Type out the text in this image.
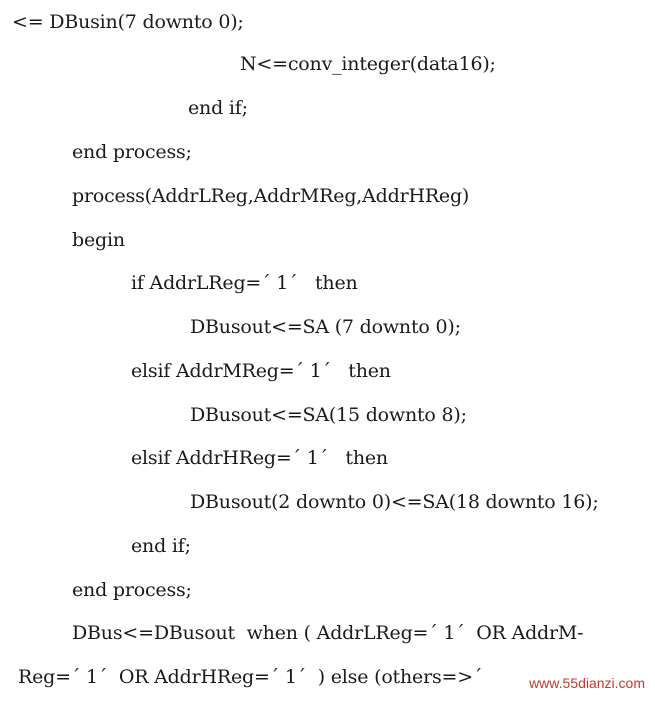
<= DBusin(7 downto 0);
N<=conv_integer(data16);
end if;
end process;
process(AddrLReg,AddrMReg,AddrHReg)
begin
if AddrLReg=´ 1´   then
DBusout<=SA (7 downto 0);
elsif AddrMReg=´ 1´   then
DBusout<=SA(15 downto 8);
elsif AddrHReg=´ 1´   then
DBusout(2 downto 0)<=SA(18 downto 16);
end if;
end process;
DBus<=DBusout  when ( AddrLReg=´ 1´  OR AddrM-
Reg=´ 1´  OR AddrHReg=´ 1´  ) else (others=>´	www.55dianzi.com
